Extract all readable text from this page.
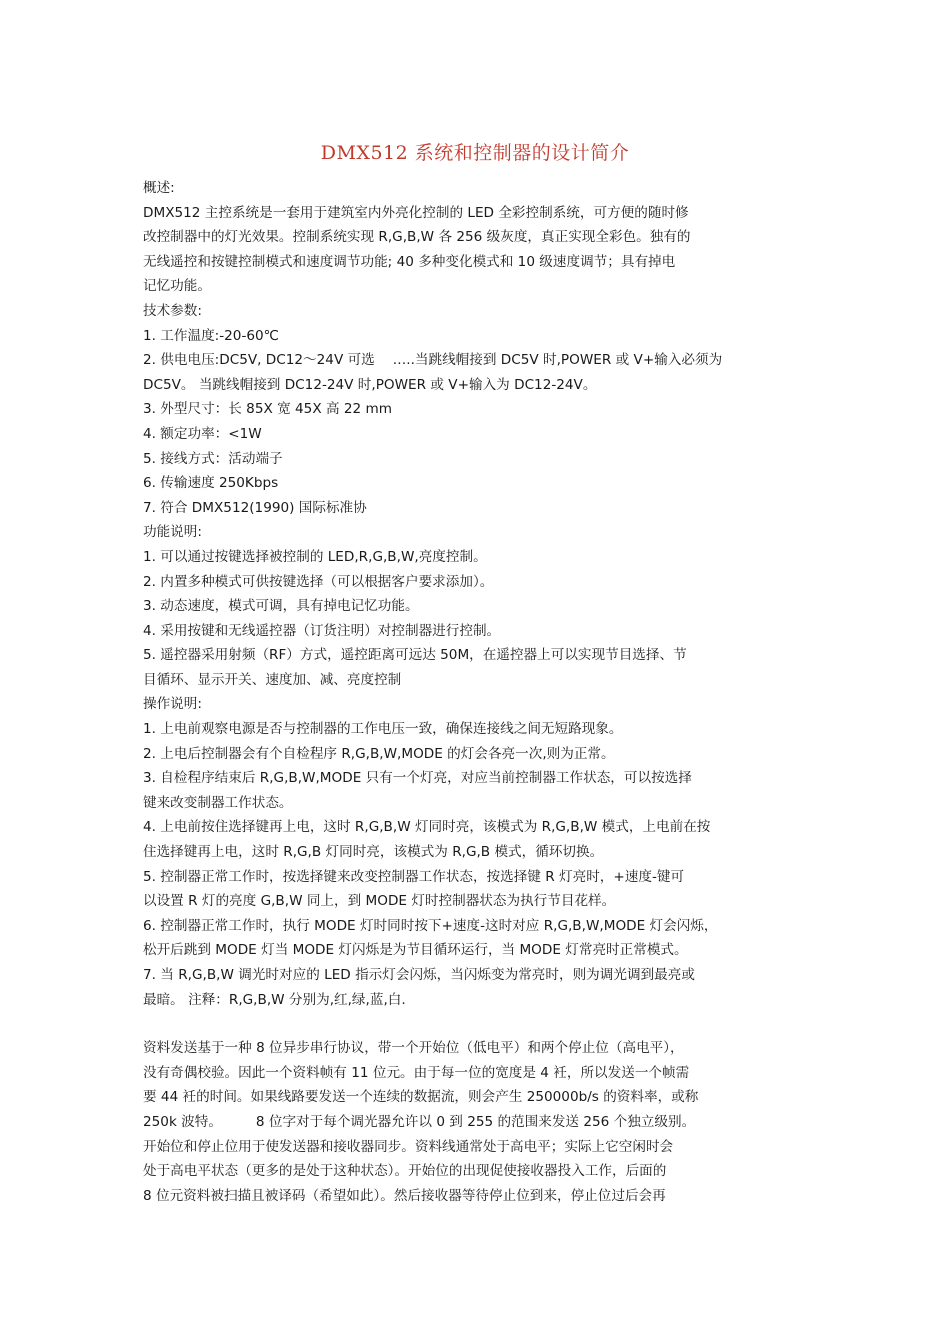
DMX512 系统和控制器的设计简介

概述:

DMX512 主控系统是一套用于建筑室内外亮化控制的 LED 全彩控制系统，可方便的随时修

改控制器中的灯光效果。控制系统实现 R,G,B,W 各 256 级灰度，真正实现全彩色。独有的

无线遥控和按键控制模式和速度调节功能; 40 多种变化模式和 10 级速度调节；具有掉电

记忆功能。

技术参数:

1. 工作温度:-20-60℃

2. 供电电压:DC5V, DC12～24V 可选　 …..当跳线帽接到 DC5V 时,POWER 或 V+输入必须为

DC5V。 当跳线帽接到 DC12-24V 时,POWER 或 V+输入为 DC12-24V。

3. 外型尺寸：长 85X 宽 45X 高 22 mm

4. 额定功率：<1W

5. 接线方式：活动端子

6. 传输速度 250Kbps

7. 符合 DMX512(1990) 国际标准协

功能说明:

1. 可以通过按键选择被控制的 LED,R,G,B,W,亮度控制。

2. 内置多种模式可供按键选择（可以根据客户要求添加）。

3. 动态速度，模式可调，具有掉电记忆功能。

4. 采用按键和无线遥控器（订货注明）对控制器进行控制。

5. 遥控器采用射频（RF）方式，遥控距离可远达 50M，在遥控器上可以实现节目选择、节

目循环、显示开关、速度加、减、亮度控制

操作说明:

1. 上电前观察电源是否与控制器的工作电压一致，确保连接线之间无短路现象。

2. 上电后控制器会有个自检程序 R,G,B,W,MODE 的灯会各亮一次,则为正常。

3. 自检程序结束后 R,G,B,W,MODE 只有一个灯亮，对应当前控制器工作状态，可以按选择

键来改变制器工作状态。

4. 上电前按住选择键再上电，这时 R,G,B,W 灯同时亮，该模式为 R,G,B,W 模式，上电前在按

住选择键再上电，这时 R,G,B 灯同时亮，该模式为 R,G,B 模式，循环切换。

5. 控制器正常工作时，按选择键来改变控制器工作状态，按选择键 R 灯亮时，+速度-键可

以设置 R 灯的亮度 G,B,W 同上，到 MODE 灯时控制器状态为执行节目花样。

6. 控制器正常工作时，执行 MODE 灯时同时按下+速度-这时对应 R,G,B,W,MODE 灯会闪烁，

松开后跳到 MODE 灯当 MODE 灯闪烁是为节目循环运行，当 MODE 灯常亮时正常模式。

7. 当 R,G,B,W 调光时对应的 LED 指示灯会闪烁，当闪烁变为常亮时，则为调光调到最亮或

最暗。 注释：R,G,B,W 分别为,红,绿,蓝,白.

资料发送基于一种 8 位异步串行协议，带一个开始位（低电平）和两个停止位（高电平），

没有奇偶校验。因此一个资料帧有 11 位元。由于每一位的宽度是 4 衽，所以发送一个帧需

要 44 衽的时间。如果线路要发送一个连续的数据流，则会产生 250000b/s 的资料率，或称

250k 波特。　　　8 位字对于每个调光器允许以 0 到 255 的范围来发送 256 个独立级别。

开始位和停止位用于使发送器和接收器同步。资料线通常处于高电平；实际上它空闲时会

处于高电平状态（更多的是处于这种状态）。开始位的出现促使接收器投入工作，后面的

8 位元资料被扫描且被译码（希望如此）。然后接收器等待停止位到来，停止位过后会再
